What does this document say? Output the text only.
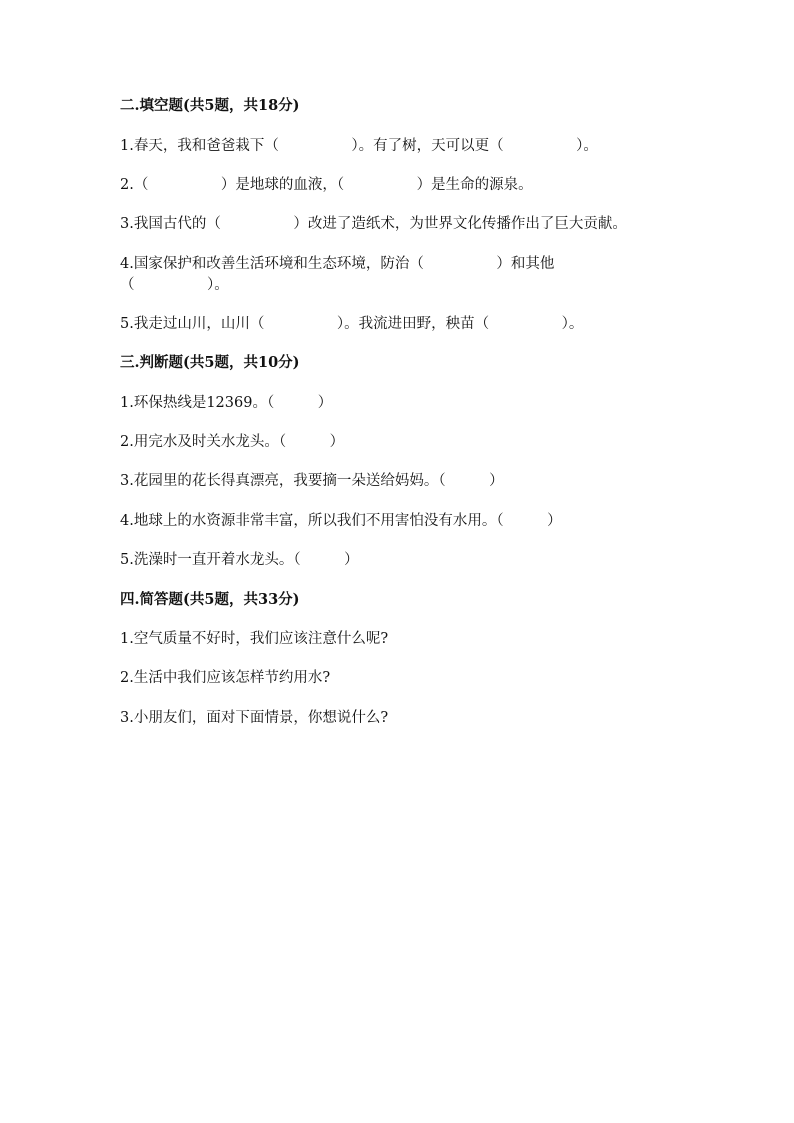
二.填空题(共5题，共18分)
1.春天，我和爸爸栽下（　　　　　）。有了树，天可以更（　　　　　）。
2.（　　　　　）是地球的血液，（　　　　　）是生命的源泉。
3.我国古代的（　　　　　）改进了造纸术，为世界文化传播作出了巨大贡献。
4.国家保护和改善生活环境和生态环境，防治（　　　　　）和其他
（　　　　　）。
5.我走过山川，山川（　　　　　）。我流进田野，秧苗（　　　　　）。
三.判断题(共5题，共10分)
1.环保热线是12369。（　　　）
2.用完水及时关水龙头。（　　　）
3.花园里的花长得真漂亮，我要摘一朵送给妈妈。（　　　）
4.地球上的水资源非常丰富，所以我们不用害怕没有水用。（　　　）
5.洗澡时一直开着水龙头。（　　　）
四.简答题(共5题，共33分)
1.空气质量不好时，我们应该注意什么呢?
2.生活中我们应该怎样节约用水?
3.小朋友们，面对下面情景，你想说什么?
